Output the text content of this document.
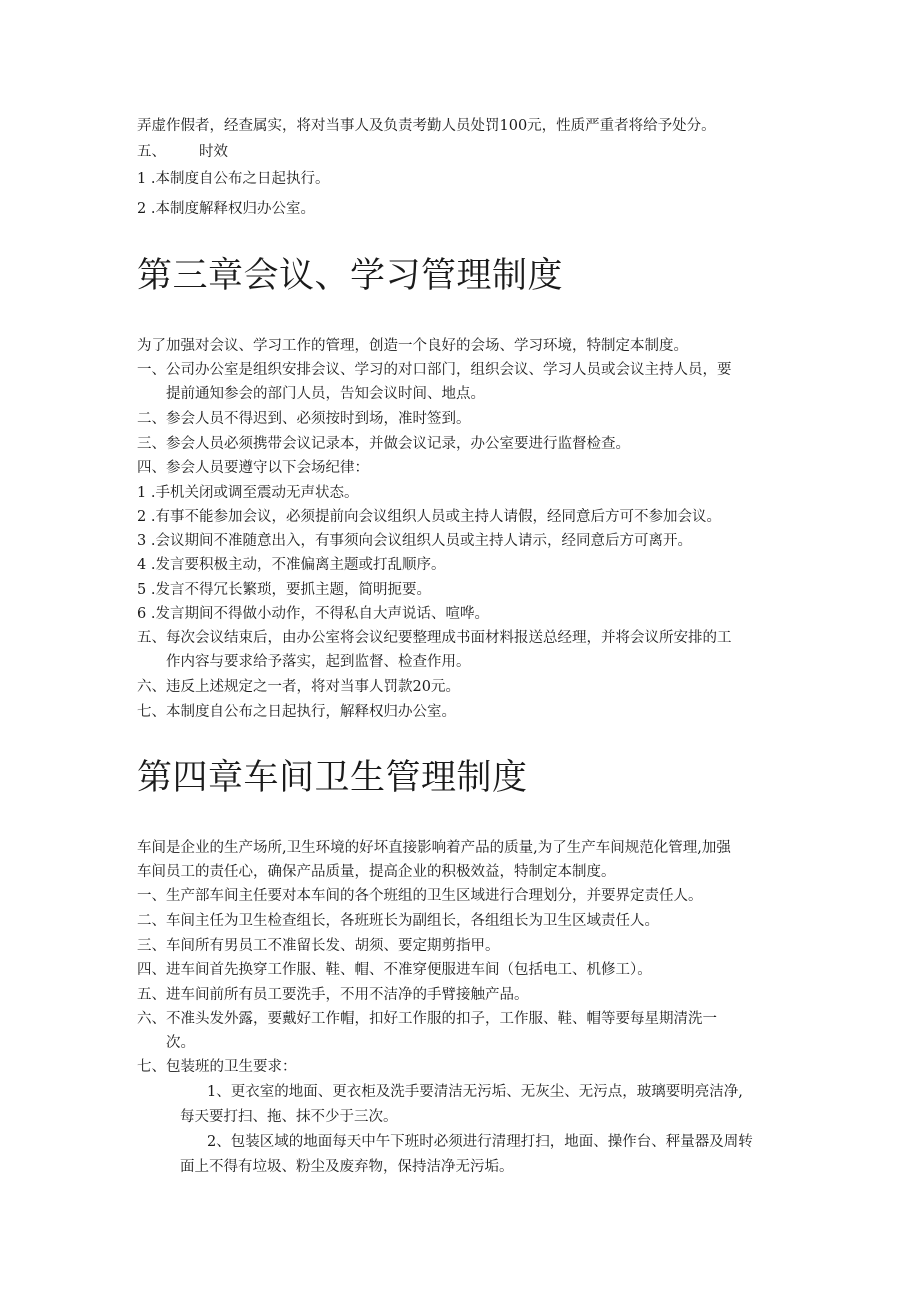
弄虚作假者，经查属实，将对当事人及负责考勤人员处罚100元，性质严重者将给予处分。

五、 时效

1 .本制度自公布之日起执行。

2 .本制度解释权归办公室。

第三章会议、学习管理制度

为了加强对会议、学习工作的管理，创造一个良好的会场、学习环境，特制定本制度。

一、公司办公室是组织安排会议、学习的对口部门，组织会议、学习人员或会议主持人员，要

提前通知参会的部门人员，告知会议时间、地点。

二、参会人员不得迟到、必须按时到场，准时签到。

三、参会人员必须携带会议记录本，并做会议记录，办公室要进行监督检查。

四、参会人员要遵守以下会场纪律：

1 .手机关闭或调至震动无声状态。

2 .有事不能参加会议，必须提前向会议组织人员或主持人请假，经同意后方可不参加会议。

3 .会议期间不准随意出入，有事须向会议组织人员或主持人请示，经同意后方可离开。

4 .发言要积极主动，不准偏离主题或打乱顺序。

5 .发言不得冗长繁琐，要抓主题，简明扼要。

6 .发言期间不得做小动作，不得私自大声说话、喧哗。

五、每次会议结束后，由办公室将会议纪要整理成书面材料报送总经理，并将会议所安排的工

作内容与要求给予落实，起到监督、检查作用。

六、违反上述规定之一者，将对当事人罚款20元。

七、本制度自公布之日起执行，解释权归办公室。

第四章车间卫生管理制度

车间是企业的生产场所,卫生环境的好坏直接影响着产品的质量,为了生产车间规范化管理,加强

车间员工的责任心，确保产品质量，提高企业的积极效益，特制定本制度。

一、生产部车间主任要对本车间的各个班组的卫生区域进行合理划分，并要界定责任人。

二、车间主任为卫生检查组长，各班班长为副组长，各组组长为卫生区域责任人。

三、车间所有男员工不准留长发、胡须、要定期剪指甲。

四、进车间首先换穿工作服、鞋、帽、不准穿便服进车间（包括电工、机修工）。

五、进车间前所有员工要洗手，不用不洁净的手臂接触产品。

六、不准头发外露，要戴好工作帽，扣好工作服的扣子，工作服、鞋、帽等要每星期清洗一

次。

七、包装班的卫生要求：

1、更衣室的地面、更衣柜及洗手要清洁无污垢、无灰尘、无污点，玻璃要明亮洁净,

每天要打扫、拖、抹不少于三次。

2、包装区域的地面每天中午下班时必须进行清理打扫，地面、操作台、秤量器及周转

面上不得有垃圾、粉尘及废弃物，保持洁净无污垢。
